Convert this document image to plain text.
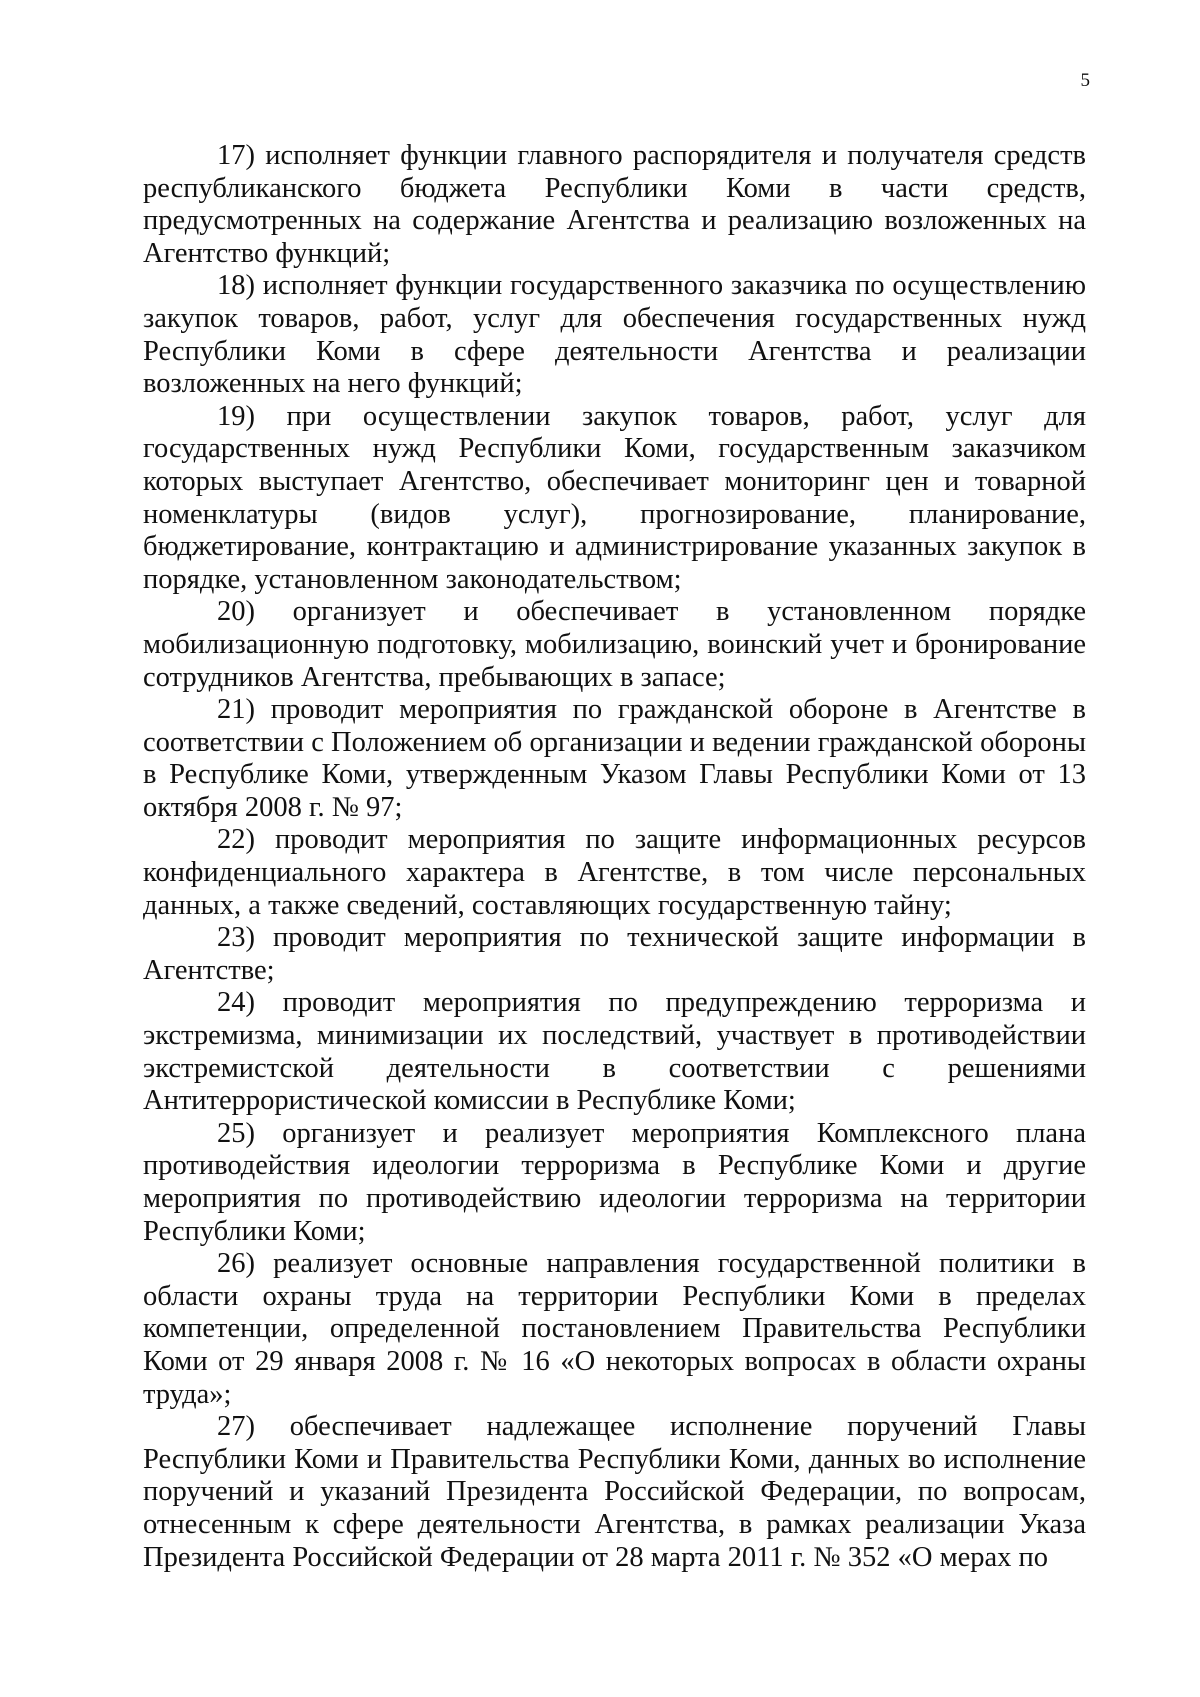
5

17) исполняет функции главного распорядителя и получателя средств республиканского бюджета Республики Коми в части средств, предусмотренных на содержание Агентства и реализацию возложенных на Агентство функций;

18) исполняет функции государственного заказчика по осуществлению закупок товаров, работ, услуг для обеспечения государственных нужд Республики Коми в сфере деятельности Агентства и реализации возложенных на него функций;

19) при осуществлении закупок товаров, работ, услуг для государственных нужд Республики Коми, государственным заказчиком которых выступает Агентство, обеспечивает мониторинг цен и товарной номенклатуры (видов услуг), прогнозирование, планирование, бюджетирование, контрактацию и администрирование указанных закупок в порядке, установленном законодательством;

20) организует и обеспечивает в установленном порядке мобилизационную подготовку, мобилизацию, воинский учет и бронирование сотрудников Агентства, пребывающих в запасе;

21) проводит мероприятия по гражданской обороне в Агентстве в соответствии с Положением об организации и ведении гражданской обороны в Республике Коми, утвержденным Указом Главы Республики Коми от 13 октября 2008 г. № 97;

22) проводит мероприятия по защите информационных ресурсов конфиденциального характера в Агентстве, в том числе персональных данных, а также сведений, составляющих государственную тайну;

23) проводит мероприятия по технической защите информации в Агентстве;

24) проводит мероприятия по предупреждению терроризма и экстремизма, минимизации их последствий, участвует в противодействии экстремистской деятельности в соответствии с решениями Антитеррористической комиссии в Республике Коми;

25) организует и реализует мероприятия Комплексного плана противодействия идеологии терроризма в Республике Коми и другие мероприятия по противодействию идеологии терроризма на территории Республики Коми;

26) реализует основные направления государственной политики в области охраны труда на территории Республики Коми в пределах компетенции, определенной постановлением Правительства Республики Коми от 29 января 2008 г. № 16 «О некоторых вопросах в области охраны труда»;

27) обеспечивает надлежащее исполнение поручений Главы Республики Коми и Правительства Республики Коми, данных во исполнение поручений и указаний Президента Российской Федерации, по вопросам, отнесенным к сфере деятельности Агентства, в рамках реализации Указа Президента Российской Федерации от 28 марта 2011 г. № 352 «О мерах по
